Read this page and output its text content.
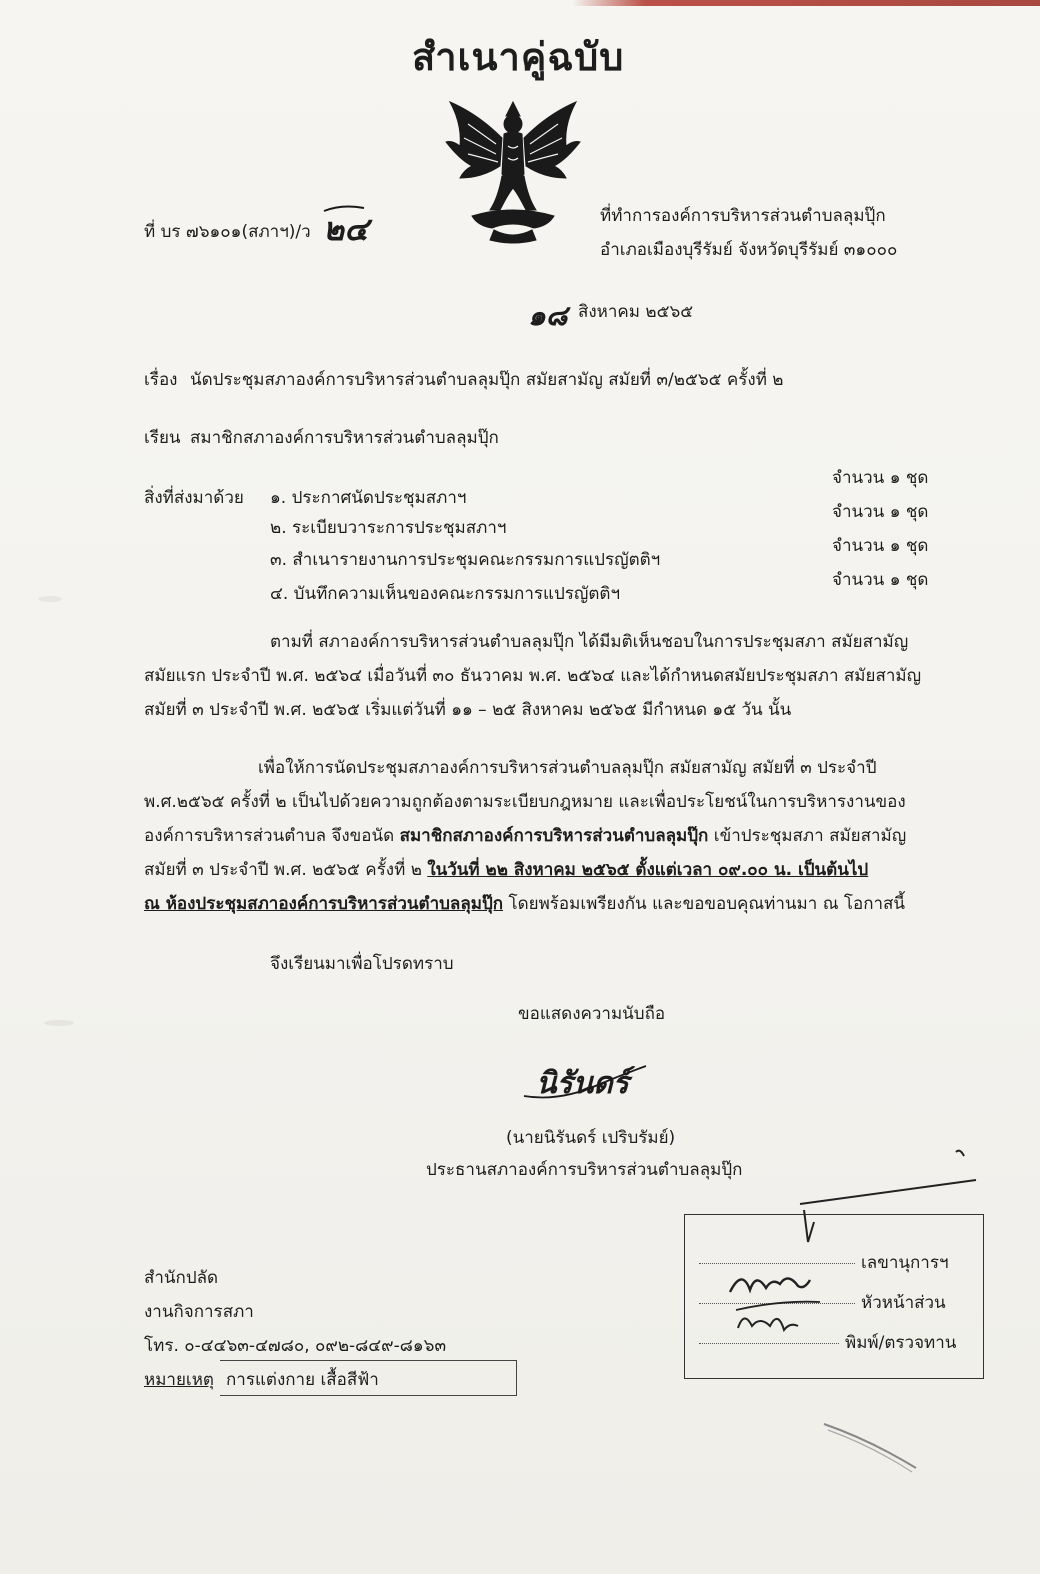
สำเนาคู่ฉบับ
ที่ บร ๗๖๑๐๑(สภาฯ)/ว ๒๔	ที่ทำการองค์การบริหารส่วนตำบลลุมปุ๊ก
อำเภอเมืองบุรีรัมย์ จังหวัดบุรีรัมย์ ๓๑๐๐๐
๑๘ สิงหาคม ๒๕๖๕
เรื่อง นัดประชุมสภาองค์การบริหารส่วนตำบลลุมปุ๊ก สมัยสามัญ สมัยที่ ๓/๒๕๖๕ ครั้งที่ ๒
เรียน สมาชิกสภาองค์การบริหารส่วนตำบลลุมปุ๊ก
สิ่งที่ส่งมาด้วย ๑. ประกาศนัดประชุมสภาฯ
จำนวน ๑ ชุด
๒. ระเบียบวาระการประชุมสภาฯ
จำนวน ๑ ชุด
๓. สำเนารายงานการประชุมคณะกรรมการแปรญัตติฯ
จำนวน ๑ ชุด
๔. บันทึกความเห็นของคณะกรรมการแปรญัตติฯ
จำนวน ๑ ชุด
ตามที่ สภาองค์การบริหารส่วนตำบลลุมปุ๊ก ได้มีมติเห็นชอบในการประชุมสภา สมัยสามัญ
สมัยแรก ประจำปี พ.ศ. ๒๕๖๔ เมื่อวันที่ ๓๐ ธันวาคม พ.ศ. ๒๕๖๔ และได้กำหนดสมัยประชุมสภา สมัยสามัญ
สมัยที่ ๓ ประจำปี พ.ศ. ๒๕๖๕ เริ่มแต่วันที่ ๑๑ – ๒๕ สิงหาคม ๒๕๖๕ มีกำหนด ๑๕ วัน นั้น
เพื่อให้การนัดประชุมสภาองค์การบริหารส่วนตำบลลุมปุ๊ก สมัยสามัญ สมัยที่ ๓ ประจำปี
พ.ศ.๒๕๖๕ ครั้งที่ ๒ เป็นไปด้วยความถูกต้องตามระเบียบกฎหมาย และเพื่อประโยชน์ในการบริหารงานของ
องค์การบริหารส่วนตำบล จึงขอนัด สมาชิกสภาองค์การบริหารส่วนตำบลลุมปุ๊ก เข้าประชุมสภา สมัยสามัญ
สมัยที่ ๓ ประจำปี พ.ศ. ๒๕๖๕ ครั้งที่ ๒ ในวันที่ ๒๒ สิงหาคม ๒๕๖๕ ตั้งแต่เวลา ๐๙.๐๐ น. เป็นต้นไป
ณ ห้องประชุมสภาองค์การบริหารส่วนตำบลลุมปุ๊ก โดยพร้อมเพรียงกัน และขอขอบคุณท่านมา ณ โอกาสนี้
จึงเรียนมาเพื่อโปรดทราบ
ขอแสดงความนับถือ
นิรันดร์
(นายนิรันดร์ เปริบรัมย์)
ประธานสภาองค์การบริหารส่วนตำบลลุมปุ๊ก
สำนักปลัด
งานกิจการสภา
โทร. ๐-๔๔๖๓-๔๗๘๐, ๐๙๒-๘๔๙-๘๑๖๓
หมายเหตุ การแต่งกาย เสื้อสีฟ้า
เลขานุการฯ
หัวหน้าส่วน
พิมพ์/ตรวจทาน
